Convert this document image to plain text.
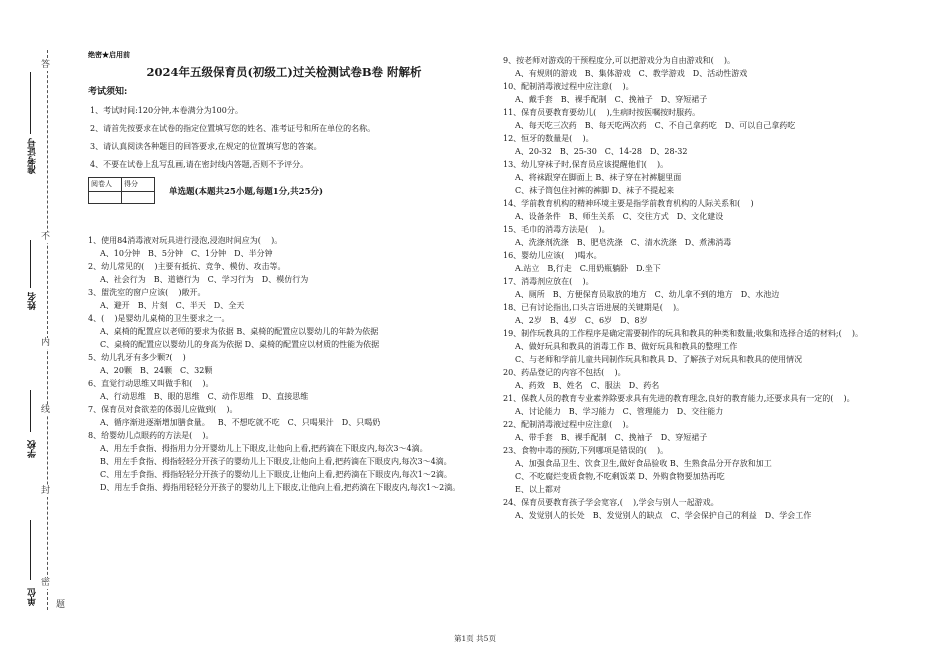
答
不
内
线
封
密
题
准考证号
姓名
学校
单位
绝密★启用前
2024年五级保育员(初级工)过关检测试卷B卷 附解析
考试须知:
1、考试时间:120分钟,本卷满分为100分。
2、请首先按要求在试卷的指定位置填写您的姓名、准考证号和所在单位的名称。
3、请认真阅读各种题目的回答要求,在规定的位置填写您的答案。
4、不要在试卷上乱写乱画,请在密封线内答题,否则不予评分。
阅卷人	得分

单选题(本题共25小题,每题1分,共25分)
1、使用84消毒液对玩具进行浸泡,浸泡时间应为(    )。
A、10分钟 B、5分钟 C、1分钟 D、半分钟
2、幼儿常见的(    )主要有抵抗、竞争、模仿、攻击等。
A、社会行为 B、道德行为 C、学习行为 D、模仿行为
3、盥洗室的窗户应该(    )敞开。
A、避开 B、片刻 C、半天 D、全天
4、(    )是婴幼儿桌椅的卫生要求之一。
A、桌椅的配置应以老师的要求为依据 B、桌椅的配置应以婴幼儿的年龄为依据
C、桌椅的配置应以婴幼儿的身高为依据 D、桌椅的配置应以材质的性能为依据
5、幼儿乳牙有多少颗?(    )
A、20颗 B、24颗 C、32颗
6、直觉行动思维又叫做手和(    )。
A、行动思维 B、眼的思维 C、动作思维 D、直接思维
7、保育员对食欲差的体弱儿应做到(    )。
A、循序渐进逐渐增加膳食量。 B、不想吃就不吃 C、只喝果汁 D、只喝奶
8、给婴幼儿点眼药的方法是(    )。
A、用左手食指、拇指用力分开婴幼儿上下眼皮,让他向上看,把药滴在下眼皮内,每次3～4滴。
B、用左手食指、拇指轻轻分开孩子的婴幼儿上下眼皮,让他向上看,把药滴在下眼皮内,每次3～4滴。
C、用左手食指、拇指轻轻分开孩子的婴幼儿上下眼皮,让他向上看,把药滴在下眼皮内,每次1～2滴。
D、用左手食指、拇指用轻轻分开孩子的婴幼儿上下眼皮,让他向上看,把药滴在下眼皮内,每次1～2滴。
9、按老师对游戏的干预程度分,可以把游戏分为自由游戏和(    )。
A、有规则的游戏 B、集体游戏 C、教学游戏 D、活动性游戏
10、配制消毒液过程中应注意(    )。
A、戴手套 B、裸手配制 C、挽袖子 D、穿短裙子
11、保育员要教育要幼儿(    ),生病时按医嘱按时服药。
A、每天吃三次药 B、每天吃两次药 C、不自己拿药吃 D、可以自己拿药吃
12、恒牙的数量是(    )。
A、20-32 B、25-30 C、14-28 D、28-32
13、幼儿穿袜子时,保育员应该提醒他们(    )。
A、将袜跟穿在脚面上 B、袜子穿在衬裤腿里面
C、袜子筒包住衬裤的裤脚 D、袜子不提起来
14、学前教育机构的精神环境主要是指学前教育机构的人际关系和(    )
A、设备条件 B、师生关系 C、交往方式 D、文化建设
15、毛巾的消毒方法是(    )。
A、洗涤剂洗涤 B、肥皂洗涤 C、清水洗涤 D、煮沸消毒
16、婴幼儿应该(    )喝水。
A.站立 B,行走 C.用奶瓶躺卧 D.坐下
17、消毒剂应放在(    )。
A、厕所 B、方便保育员取放的地方 C、幼儿拿不到的地方 D、水池边
18、已有讨论指出,口头言语进展的关键期是(    )。
A、2岁 B、4岁 C、6岁 D、8岁
19、制作玩教具的工作程序是确定需要制作的玩具和教具的种类和数量;收集和选择合适的材料;(    )。
A、做好玩具和教具的消毒工作 B、做好玩具和教具的整理工作
C、与老师和学前儿童共同制作玩具和教具 D、了解孩子对玩具和教具的使用情况
20、药品登记的内容不包括(    )。
A、药效 B、姓名 C、服法 D、药名
21、保教人员的教育专业素养除要求具有先进的教育理念,良好的教育能力,还要求具有一定的(    )。
A、讨论能力 B、学习能力 C、管理能力 D、交往能力
22、配制消毒液过程中应注意(    )。
A、带手套 B、裸手配制 C、挽袖子 D、穿短裙子
23、食物中毒的预防,下列哪项是错误的(    )。
A、加强食品卫生、饮食卫生,做好食品验收 B、生熟食品分开存放和加工
C、不吃腐烂变质食物,不吃剩饭菜 D、外购食物要加热再吃
E、以上都对
24、保育员要教育孩子学会宽容,(    ),学会与别人一起游戏。
A、发觉别人的长处 B、发觉别人的缺点 C、学会保护自己的利益 D、学会工作
第1页 共5页
